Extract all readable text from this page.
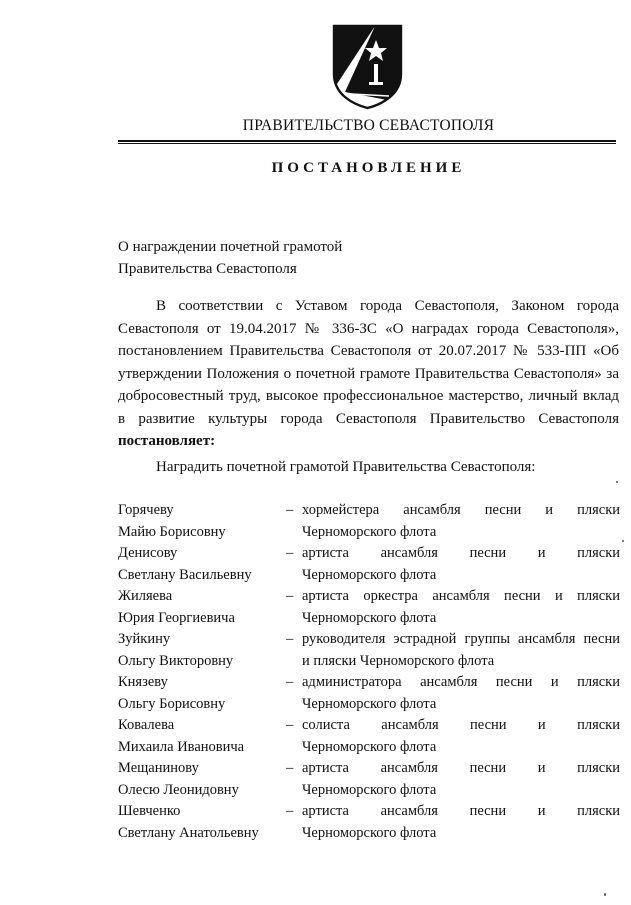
ПРАВИТЕЛЬСТВО СЕВАСТОПОЛЯ
ПОСТАНОВЛЕНИЕ
О награждении почетной грамотой
Правительства Севастополя
В соответствии с Уставом города Севастополя, Законом города Севастополя от 19.04.2017 № 336-ЗС «О наградах города Севастополя», постановлением Правительства Севастополя от 20.07.2017 № 533-ПП «Об утверждении Положения о почетной грамоте Правительства Севастополя» за добросовестный труд, высокое профессиональное мастерство, личный вклад в развитие культуры города Севастополя Правительство Севастополя постановляет:
Наградить почетной грамотой Правительства Севастополя:
Горячеву
Майю Борисовну
– хормейстера ансамбля песни и пляски
Черноморского флота
Денисову
Светлану Васильевну
– артиста ансамбля песни и пляски
Черноморского флота
Жиляева
Юрия Георгиевича
– артиста оркестра ансамбля песни и пляски
Черноморского флота
Зуйкину
Ольгу Викторовну
– руководителя эстрадной группы ансамбля песни
и пляски Черноморского флота
Князеву
Ольгу Борисовну
– администратора ансамбля песни и пляски
Черноморского флота
Ковалева
Михаила Ивановича
– солиста ансамбля песни и пляски
Черноморского флота
Мещанинову
Олесю Леонидовну
– артиста ансамбля песни и пляски
Черноморского флота
Шевченко
Светлану Анатольевну
– артиста ансамбля песни и пляски
Черноморского флота
